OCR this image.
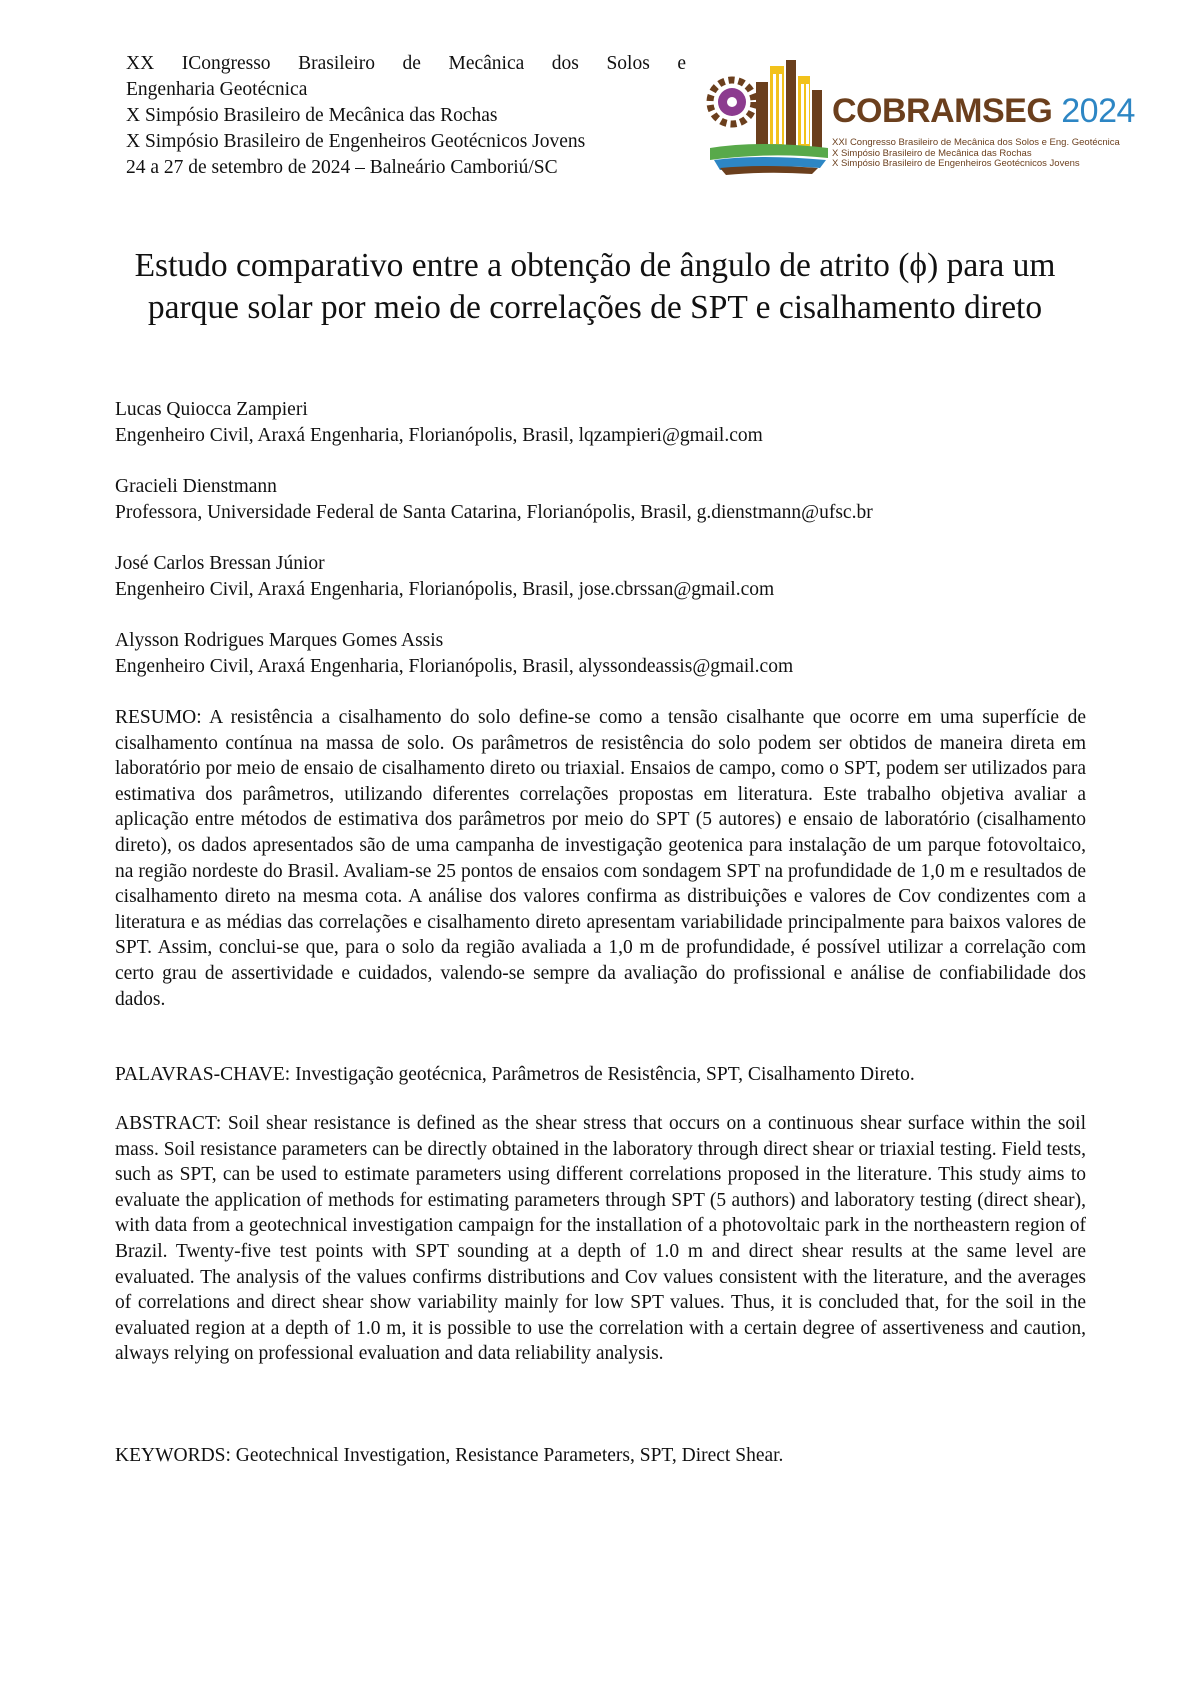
XX ICongresso Brasileiro de Mecânica dos Solos e
Engenharia Geotécnica
X Simpósio Brasileiro de Mecânica das Rochas
X Simpósio Brasileiro de Engenheiros Geotécnicos Jovens
24 a 27 de setembro de 2024 – Balneário Camboriú/SC
COBRAMSEG 2024
XXI Congresso Brasileiro de Mecânica dos Solos e Eng. Geotécnica
X Simpósio Brasileiro de Mecânica das Rochas
X Simpósio Brasileiro de Engenheiros Geotécnicos Jovens
Estudo comparativo entre a obtenção de ângulo de atrito (ϕ) para um parque solar por meio de correlações de SPT e cisalhamento direto
Lucas Quiocca Zampieri
Engenheiro Civil, Araxá Engenharia, Florianópolis, Brasil, lqzampieri@gmail.com
Gracieli Dienstmann
Professora, Universidade Federal de Santa Catarina, Florianópolis, Brasil, g.dienstmann@ufsc.br
José Carlos Bressan Júnior
Engenheiro Civil, Araxá Engenharia, Florianópolis, Brasil, jose.cbrssan@gmail.com
Alysson Rodrigues Marques Gomes Assis
Engenheiro Civil, Araxá Engenharia, Florianópolis, Brasil, alyssondeassis@gmail.com
RESUMO: A resistência a cisalhamento do solo define-se como a tensão cisalhante que ocorre em uma superfície de cisalhamento contínua na massa de solo. Os parâmetros de resistência do solo podem ser obtidos de maneira direta em laboratório por meio de ensaio de cisalhamento direto ou triaxial. Ensaios de campo, como o SPT, podem ser utilizados para estimativa dos parâmetros, utilizando diferentes correlações propostas em literatura. Este trabalho objetiva avaliar a aplicação entre métodos de estimativa dos parâmetros por meio do SPT (5 autores) e ensaio de laboratório (cisalhamento direto), os dados apresentados são de uma campanha de investigação geotenica para instalação de um parque fotovoltaico, na região nordeste do Brasil. Avaliam-se 25 pontos de ensaios com sondagem SPT na profundidade de 1,0 m e resultados de cisalhamento direto na mesma cota. A análise dos valores confirma as distribuições e valores de Cov condizentes com a literatura e as médias das correlações e cisalhamento direto apresentam variabilidade principalmente para baixos valores de SPT. Assim, conclui-se que, para o solo da região avaliada a 1,0 m de profundidade, é possível utilizar a correlação com certo grau de assertividade e cuidados, valendo-se sempre da avaliação do profissional e análise de confiabilidade dos dados.
PALAVRAS-CHAVE: Investigação geotécnica, Parâmetros de Resistência, SPT, Cisalhamento Direto.
ABSTRACT: Soil shear resistance is defined as the shear stress that occurs on a continuous shear surface within the soil mass. Soil resistance parameters can be directly obtained in the laboratory through direct shear or triaxial testing. Field tests, such as SPT, can be used to estimate parameters using different correlations proposed in the literature. This study aims to evaluate the application of methods for estimating parameters through SPT (5 authors) and laboratory testing (direct shear), with data from a geotechnical investigation campaign for the installation of a photovoltaic park in the northeastern region of Brazil. Twenty-five test points with SPT sounding at a depth of 1.0 m and direct shear results at the same level are evaluated. The analysis of the values confirms distributions and Cov values consistent with the literature, and the averages of correlations and direct shear show variability mainly for low SPT values. Thus, it is concluded that, for the soil in the evaluated region at a depth of 1.0 m, it is possible to use the correlation with a certain degree of assertiveness and caution, always relying on professional evaluation and data reliability analysis.
KEYWORDS: Geotechnical Investigation, Resistance Parameters, SPT, Direct Shear.
